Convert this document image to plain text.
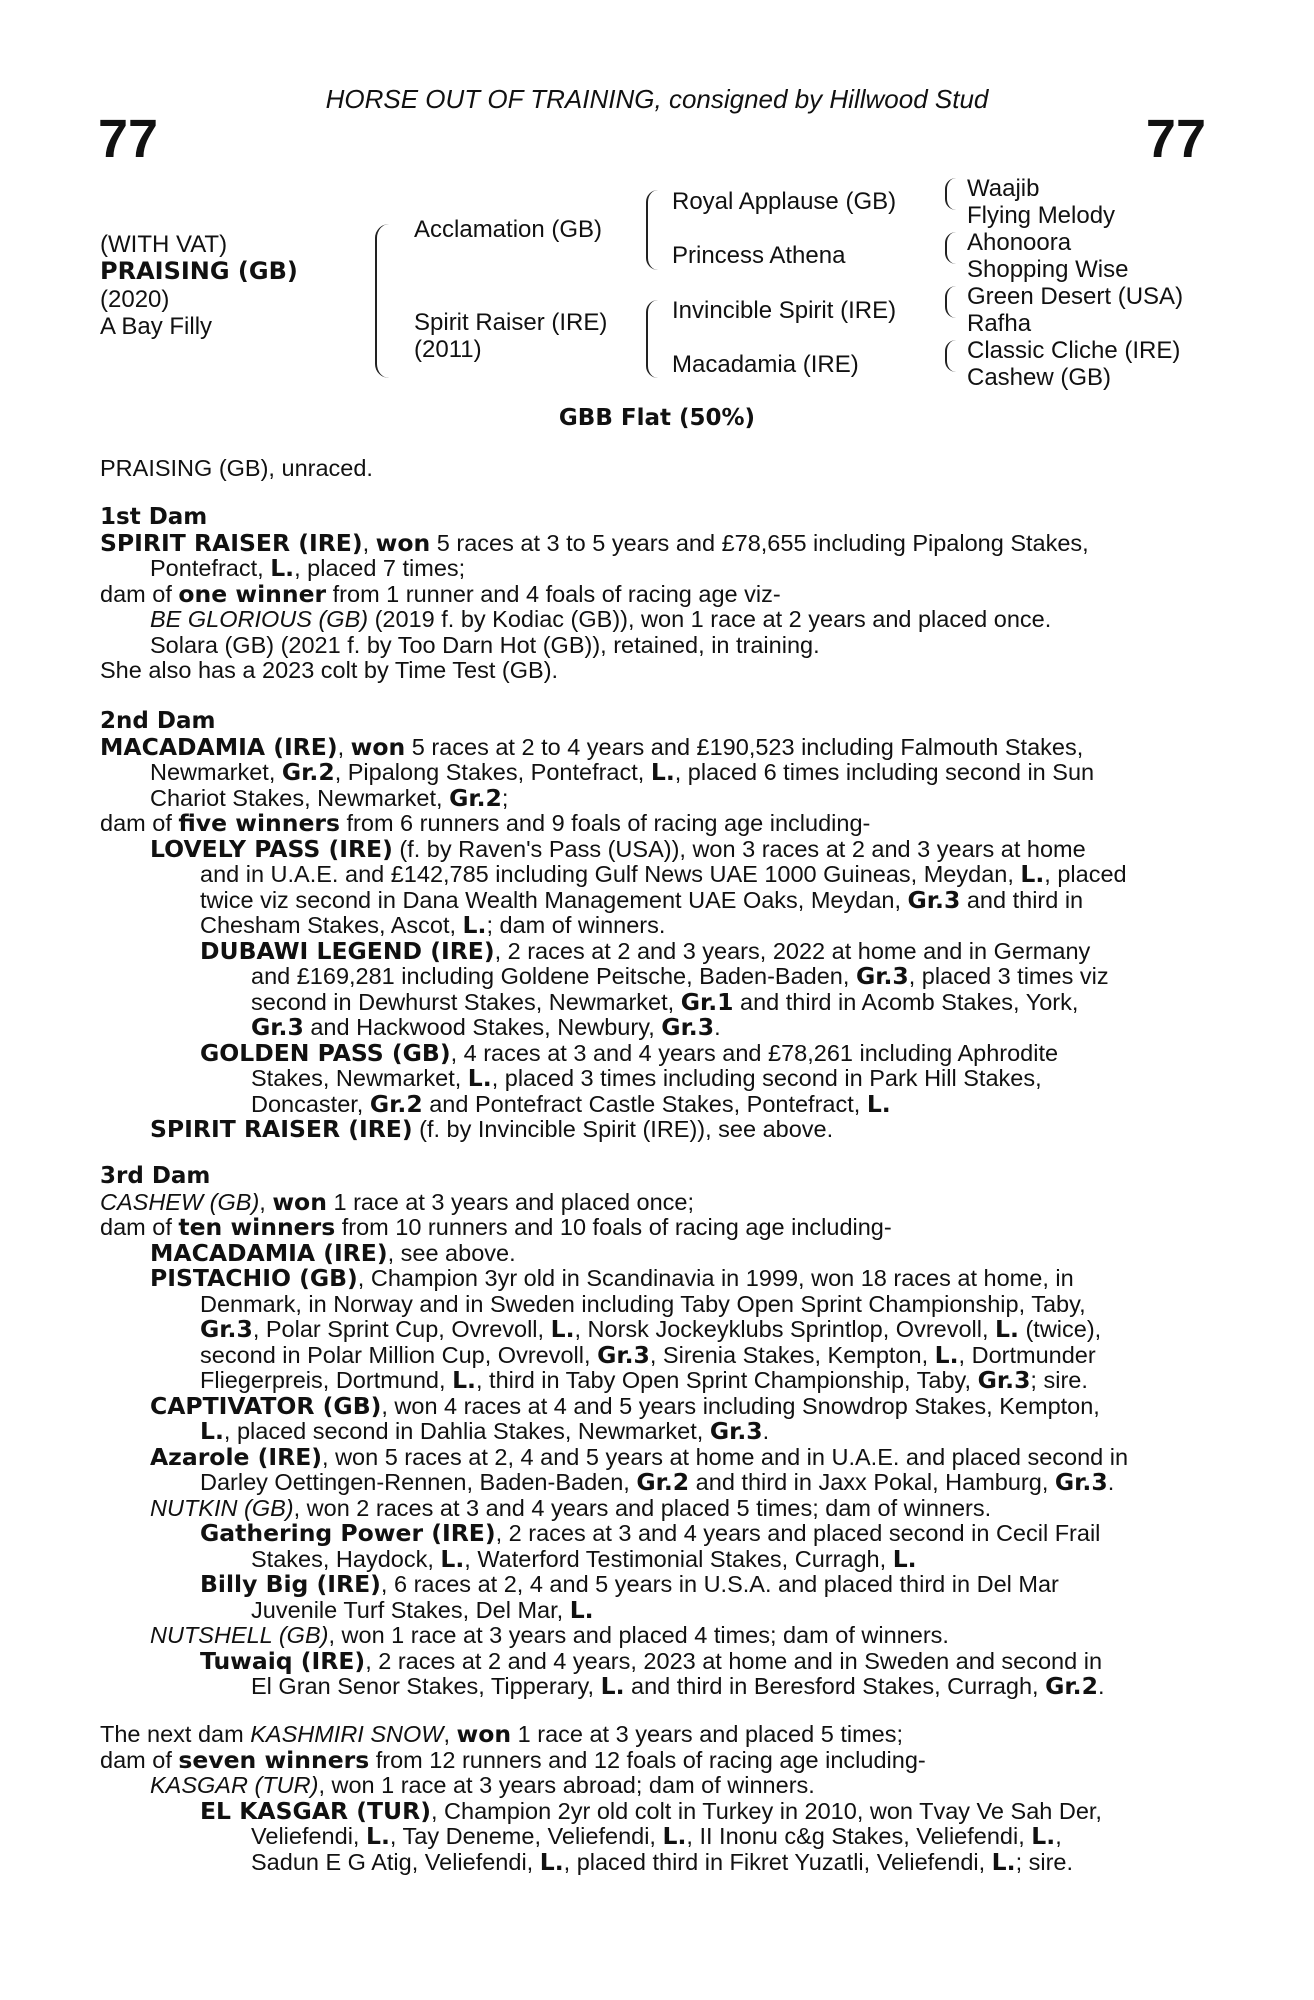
HORSE OUT OF TRAINING, consigned by Hillwood Stud
77	77
(WITH VAT)
PRAISING (GB)
(2020)
A Bay Filly
Acclamation (GB)
Spirit Raiser (IRE)
(2011)
Royal Applause (GB)
Princess Athena
Invincible Spirit (IRE)
Macadamia (IRE)
Waajib
Flying Melody
Ahonoora
Shopping Wise
Green Desert (USA)
Rafha
Classic Cliche (IRE)
Cashew (GB)
GBB Flat (50%)
PRAISING (GB), unraced.
1st Dam
SPIRIT RAISER (IRE), won 5 races at 3 to 5 years and £78,655 including Pipalong Stakes,
Pontefract, L., placed 7 times;
dam of one winner from 1 runner and 4 foals of racing age viz-
BE GLORIOUS (GB) (2019 f. by Kodiac (GB)), won 1 race at 2 years and placed once.
Solara (GB) (2021 f. by Too Darn Hot (GB)), retained, in training.
She also has a 2023 colt by Time Test (GB).
2nd Dam
MACADAMIA (IRE), won 5 races at 2 to 4 years and £190,523 including Falmouth Stakes,
Newmarket, Gr.2, Pipalong Stakes, Pontefract, L., placed 6 times including second in Sun
Chariot Stakes, Newmarket, Gr.2;
dam of five winners from 6 runners and 9 foals of racing age including-
LOVELY PASS (IRE) (f. by Raven's Pass (USA)), won 3 races at 2 and 3 years at home
and in U.A.E. and £142,785 including Gulf News UAE 1000 Guineas, Meydan, L., placed
twice viz second in Dana Wealth Management UAE Oaks, Meydan, Gr.3 and third in
Chesham Stakes, Ascot, L.; dam of winners.
DUBAWI LEGEND (IRE), 2 races at 2 and 3 years, 2022 at home and in Germany
and £169,281 including Goldene Peitsche, Baden-Baden, Gr.3, placed 3 times viz
second in Dewhurst Stakes, Newmarket, Gr.1 and third in Acomb Stakes, York,
Gr.3 and Hackwood Stakes, Newbury, Gr.3.
GOLDEN PASS (GB), 4 races at 3 and 4 years and £78,261 including Aphrodite
Stakes, Newmarket, L., placed 3 times including second in Park Hill Stakes,
Doncaster, Gr.2 and Pontefract Castle Stakes, Pontefract, L.
SPIRIT RAISER (IRE) (f. by Invincible Spirit (IRE)), see above.
3rd Dam
CASHEW (GB), won 1 race at 3 years and placed once;
dam of ten winners from 10 runners and 10 foals of racing age including-
MACADAMIA (IRE), see above.
PISTACHIO (GB), Champion 3yr old in Scandinavia in 1999, won 18 races at home, in
Denmark, in Norway and in Sweden including Taby Open Sprint Championship, Taby,
Gr.3, Polar Sprint Cup, Ovrevoll, L., Norsk Jockeyklubs Sprintlop, Ovrevoll, L. (twice),
second in Polar Million Cup, Ovrevoll, Gr.3, Sirenia Stakes, Kempton, L., Dortmunder
Fliegerpreis, Dortmund, L., third in Taby Open Sprint Championship, Taby, Gr.3; sire.
CAPTIVATOR (GB), won 4 races at 4 and 5 years including Snowdrop Stakes, Kempton,
L., placed second in Dahlia Stakes, Newmarket, Gr.3.
Azarole (IRE), won 5 races at 2, 4 and 5 years at home and in U.A.E. and placed second in
Darley Oettingen-Rennen, Baden-Baden, Gr.2 and third in Jaxx Pokal, Hamburg, Gr.3.
NUTKIN (GB), won 2 races at 3 and 4 years and placed 5 times; dam of winners.
Gathering Power (IRE), 2 races at 3 and 4 years and placed second in Cecil Frail
Stakes, Haydock, L., Waterford Testimonial Stakes, Curragh, L.
Billy Big (IRE), 6 races at 2, 4 and 5 years in U.S.A. and placed third in Del Mar
Juvenile Turf Stakes, Del Mar, L.
NUTSHELL (GB), won 1 race at 3 years and placed 4 times; dam of winners.
Tuwaiq (IRE), 2 races at 2 and 4 years, 2023 at home and in Sweden and second in
El Gran Senor Stakes, Tipperary, L. and third in Beresford Stakes, Curragh, Gr.2.
The next dam KASHMIRI SNOW, won 1 race at 3 years and placed 5 times;
dam of seven winners from 12 runners and 12 foals of racing age including-
KASGAR (TUR), won 1 race at 3 years abroad; dam of winners.
EL KASGAR (TUR), Champion 2yr old colt in Turkey in 2010, won Tvay Ve Sah Der,
Veliefendi, L., Tay Deneme, Veliefendi, L., II Inonu c&g Stakes, Veliefendi, L.,
Sadun E G Atig, Veliefendi, L., placed third in Fikret Yuzatli, Veliefendi, L.; sire.
